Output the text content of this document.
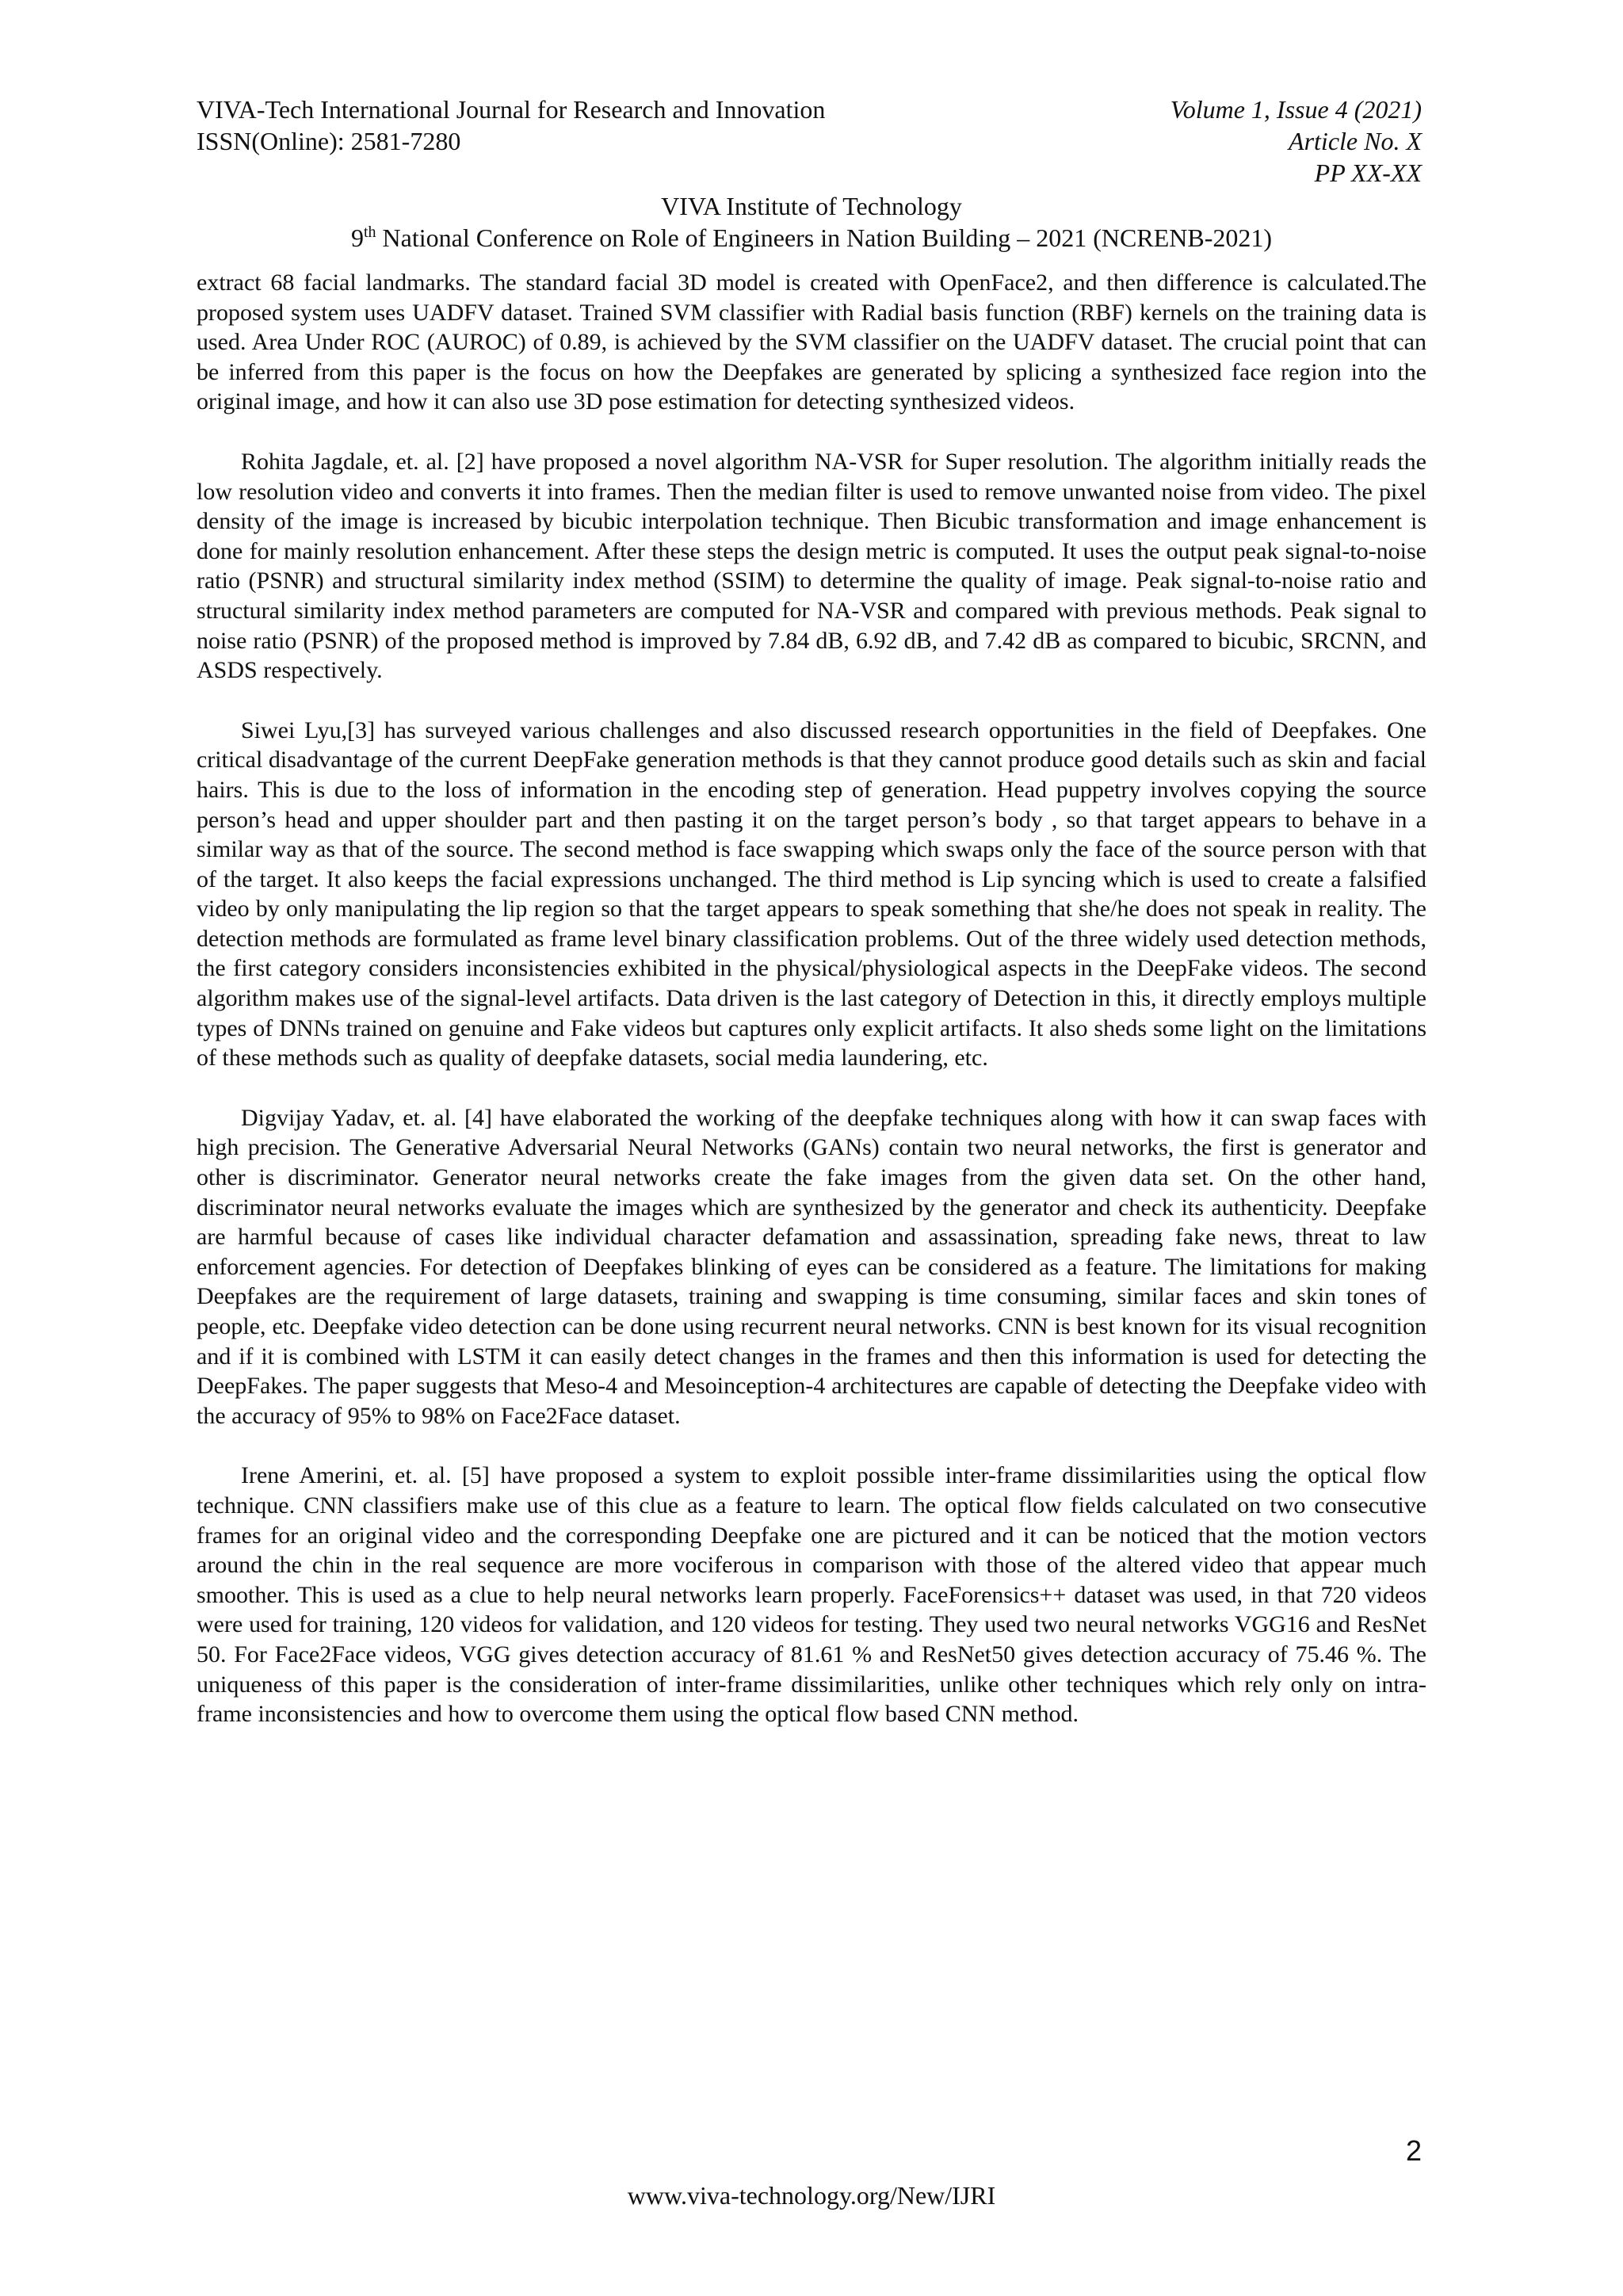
VIVA-Tech International Journal for Research and Innovation
ISSN(Online): 2581-7280
Volume 1, Issue 4 (2021)
Article No. X
PP XX-XX
VIVA Institute of Technology
9th National Conference on Role of Engineers in Nation Building – 2021 (NCRENB-2021)

extract 68 facial landmarks. The standard facial 3D model is created with OpenFace2, and then difference is calculated.The proposed system uses UADFV dataset. Trained SVM classifier with Radial basis function (RBF) kernels on the training data is used. Area Under ROC (AUROC) of 0.89, is achieved by the SVM classifier on the UADFV dataset. The crucial point that can be inferred from this paper is the focus on how the Deepfakes are generated by splicing a synthesized face region into the original image, and how it can also use 3D pose estimation for detecting synthesized videos.

Rohita Jagdale, et. al. [2] have proposed a novel algorithm NA-VSR for Super resolution. The algorithm initially reads the low resolution video and converts it into frames. Then the median filter is used to remove unwanted noise from video. The pixel density of the image is increased by bicubic interpolation technique. Then Bicubic transformation and image enhancement is done for mainly resolution enhancement. After these steps the design metric is computed. It uses the output peak signal-to-noise ratio (PSNR) and structural similarity index method (SSIM) to determine the quality of image. Peak signal-to-noise ratio and structural similarity index method parameters are computed for NA-VSR and compared with previous methods. Peak signal to noise ratio (PSNR) of the proposed method is improved by 7.84 dB, 6.92 dB, and 7.42 dB as compared to bicubic, SRCNN, and ASDS respectively.

Siwei Lyu,[3] has surveyed various challenges and also discussed research opportunities in the field of Deepfakes. One critical disadvantage of the current DeepFake generation methods is that they cannot produce good details such as skin and facial hairs. This is due to the loss of information in the encoding step of generation. Head puppetry involves copying the source person’s head and upper shoulder part and then pasting it on the target person’s body , so that target appears to behave in a similar way as that of the source. The second method is face swapping which swaps only the face of the source person with that of the target. It also keeps the facial expressions unchanged. The third method is Lip syncing which is used to create a falsified video by only manipulating the lip region so that the target appears to speak something that she/he does not speak in reality. The detection methods are formulated as frame level binary classification problems. Out of the three widely used detection methods, the first category considers inconsistencies exhibited in the physical/physiological aspects in the DeepFake videos. The second algorithm makes use of the signal-level artifacts. Data driven is the last category of Detection in this, it directly employs multiple types of DNNs trained on genuine and Fake videos but captures only explicit artifacts. It also sheds some light on the limitations of these methods such as quality of deepfake datasets, social media laundering, etc.

Digvijay Yadav, et. al. [4] have elaborated the working of the deepfake techniques along with how it can swap faces with high precision. The Generative Adversarial Neural Networks (GANs) contain two neural networks, the first is generator and other is discriminator. Generator neural networks create the fake images from the given data set. On the other hand, discriminator neural networks evaluate the images which are synthesized by the generator and check its authenticity. Deepfake are harmful because of cases like individual character defamation and assassination, spreading fake news, threat to law enforcement agencies. For detection of Deepfakes blinking of eyes can be considered as a feature. The limitations for making Deepfakes are the requirement of large datasets, training and swapping is time consuming, similar faces and skin tones of people, etc. Deepfake video detection can be done using recurrent neural networks. CNN is best known for its visual recognition and if it is combined with LSTM it can easily detect changes in the frames and then this information is used for detecting the DeepFakes. The paper suggests that Meso-4 and Mesoinception-4 architectures are capable of detecting the Deepfake video with the accuracy of 95% to 98% on Face2Face dataset.

Irene Amerini, et. al. [5] have proposed a system to exploit possible inter-frame dissimilarities using the optical flow technique. CNN classifiers make use of this clue as a feature to learn. The optical flow fields calculated on two consecutive frames for an original video and the corresponding Deepfake one are pictured and it can be noticed that the motion vectors around the chin in the real sequence are more vociferous in comparison with those of the altered video that appear much smoother. This is used as a clue to help neural networks learn properly. FaceForensics++ dataset was used, in that 720 videos were used for training, 120 videos for validation, and 120 videos for testing. They used two neural networks VGG16 and ResNet 50. For Face2Face videos, VGG gives detection accuracy of 81.61 % and ResNet50 gives detection accuracy of 75.46 %. The uniqueness of this paper is the consideration of inter-frame dissimilarities, unlike other techniques which rely only on intra-frame inconsistencies and how to overcome them using the optical flow based CNN method.

2
www.viva-technology.org/New/IJRI
